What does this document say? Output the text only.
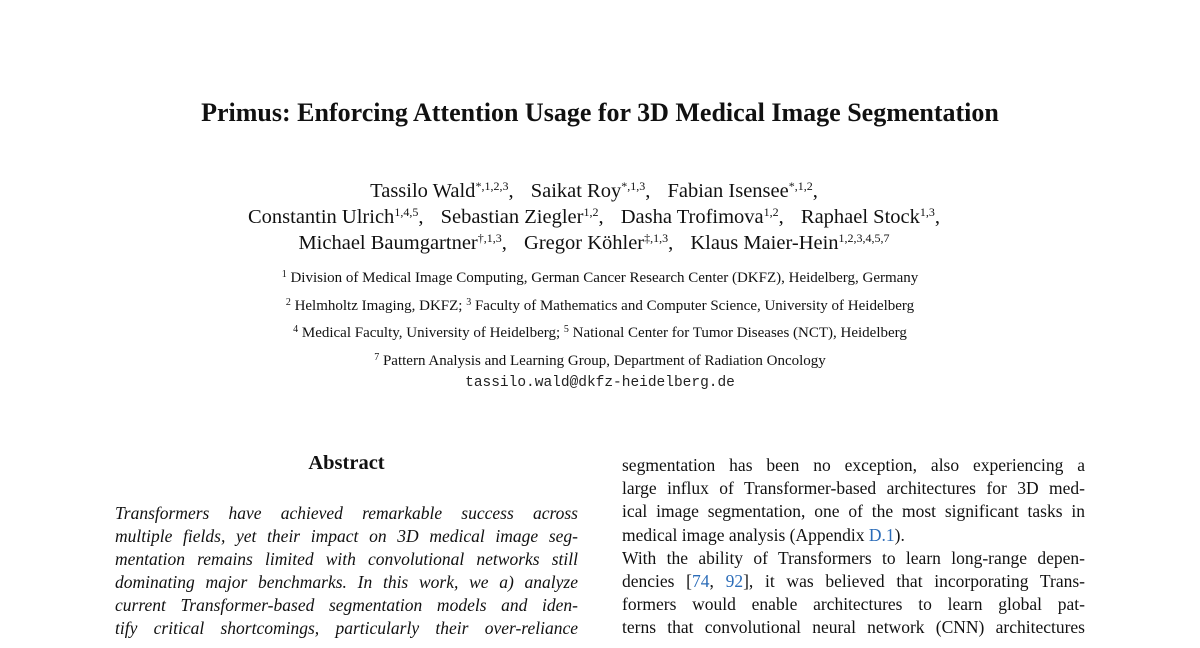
Primus: Enforcing Attention Usage for 3D Medical Image Segmentation
Tassilo Wald$^{*,1,2,3}$, Saikat Roy$^{*,1,3}$, Fabian Isensee$^{*,1,2}$,
Constantin Ulrich$^{1,4,5}$, Sebastian Ziegler$^{1,2}$, Dasha Trofimova$^{1,2}$, Raphael Stock$^{1,3}$,
Michael Baumgartner$^{\dagger,1,3}$, Gregor Köhler$^{\ddagger,1,3}$, Klaus Maier-Hein$^{1,2,3,4,5,7}$
$^1$ Division of Medical Image Computing, German Cancer Research Center (DKFZ), Heidelberg, Germany
$^2$ Helmholtz Imaging, DKFZ; $^3$ Faculty of Mathematics and Computer Science, University of Heidelberg
$^4$ Medical Faculty, University of Heidelberg; $^5$ National Center for Tumor Diseases (NCT), Heidelberg
$^7$ Pattern Analysis and Learning Group, Department of Radiation Oncology
tassilo.wald@dkfz-heidelberg.de
Abstract
Transformers have achieved remarkable success across
multiple fields, yet their impact on 3D medical image seg-
mentation remains limited with convolutional networks still
dominating major benchmarks. In this work, we a) analyze
current Transformer-based segmentation models and iden-
tify critical shortcomings, particularly their over-reliance
segmentation has been no exception, also experiencing a
large influx of Transformer-based architectures for 3D med-
ical image segmentation, one of the most significant tasks in
medical image analysis (Appendix D.1).
With the ability of Transformers to learn long-range depen-
dencies [74, 92], it was believed that incorporating Trans-
formers would enable architectures to learn global pat-
terns that convolutional neural network (CNN) architectures
